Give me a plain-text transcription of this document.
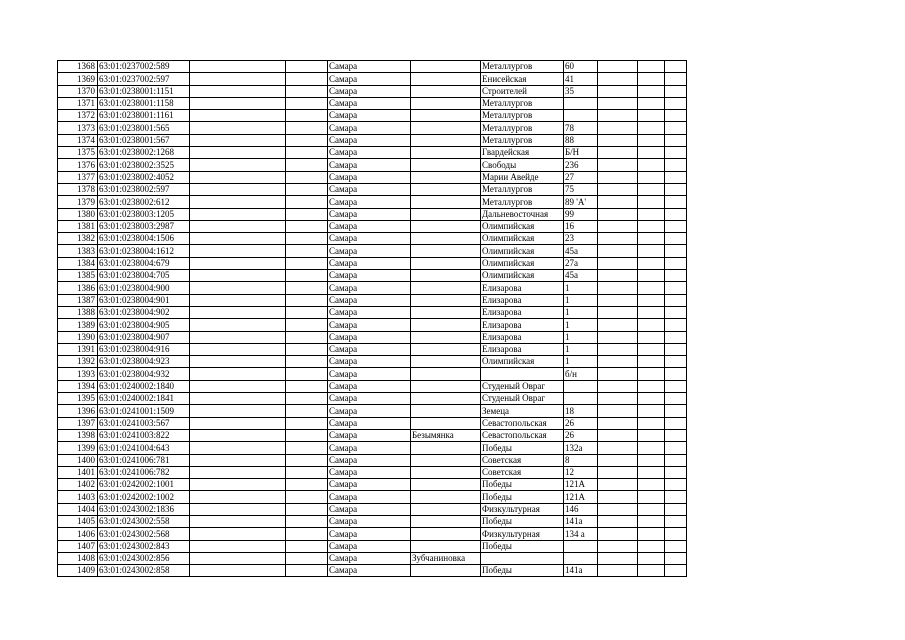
1368	63:01:0237002:589			Самара		Металлургов	60			
1369	63:01:0237002:597			Самара		Енисейская	41			
1370	63:01:0238001:1151			Самара		Строителей	35			
1371	63:01:0238001:1158			Самара		Металлургов				
1372	63:01:0238001:1161			Самара		Металлургов				
1373	63:01:0238001:565			Самара		Металлургов	78			
1374	63:01:0238001:567			Самара		Металлургов	88			
1375	63:01:0238002:1268			Самара		Гвардейская	Б/Н			
1376	63:01:0238002:3525			Самара		Свободы	236			
1377	63:01:0238002:4052			Самара		Марии Авейде	27			
1378	63:01:0238002:597			Самара		Металлургов	75			
1379	63:01:0238002:612			Самара		Металлургов	89 'А'			
1380	63:01:0238003:1205			Самара		Дальневосточная	99			
1381	63:01:0238003:2987			Самара		Олимпийская	16			
1382	63:01:0238004:1506			Самара		Олимпийская	23			
1383	63:01:0238004:1612			Самара		Олимпийская	45а			
1384	63:01:0238004:679			Самара		Олимпийская	27а			
1385	63:01:0238004:705			Самара		Олимпийская	45а			
1386	63:01:0238004:900			Самара		Елизарова	1			
1387	63:01:0238004:901			Самара		Елизарова	1			
1388	63:01:0238004:902			Самара		Елизарова	1			
1389	63:01:0238004:905			Самара		Елизарова	1			
1390	63:01:0238004:907			Самара		Елизарова	1			
1391	63:01:0238004:916			Самара		Елизарова	1			
1392	63:01:0238004:923			Самара		Олимпийская	1			
1393	63:01:0238004:932			Самара			б/н			
1394	63:01:0240002:1840			Самара		Студеный Овраг				
1395	63:01:0240002:1841			Самара		Студеный Овраг				
1396	63:01:0241001:1509			Самара		Земеца	18			
1397	63:01:0241003:567			Самара		Севастопольская	26			
1398	63:01:0241003:822			Самара	Безымянка	Севастопольская	26			
1399	63:01:0241004:643			Самара		Победы	132а			
1400	63:01:0241006:781			Самара		Советская	8			
1401	63:01:0241006:782			Самара		Советская	12			
1402	63:01:0242002:1001			Самара		Победы	121А			
1403	63:01:0242002:1002			Самара		Победы	121А			
1404	63:01:0243002:1836			Самара		Физкультурная	146			
1405	63:01:0243002:558			Самара		Победы	141а			
1406	63:01:0243002:568			Самара		Физкультурная	134 а			
1407	63:01:0243002:843			Самара		Победы				
1408	63:01:0243002:856			Самара	Зубчаниновка					
1409	63:01:0243002:858			Самара		Победы	141а			
